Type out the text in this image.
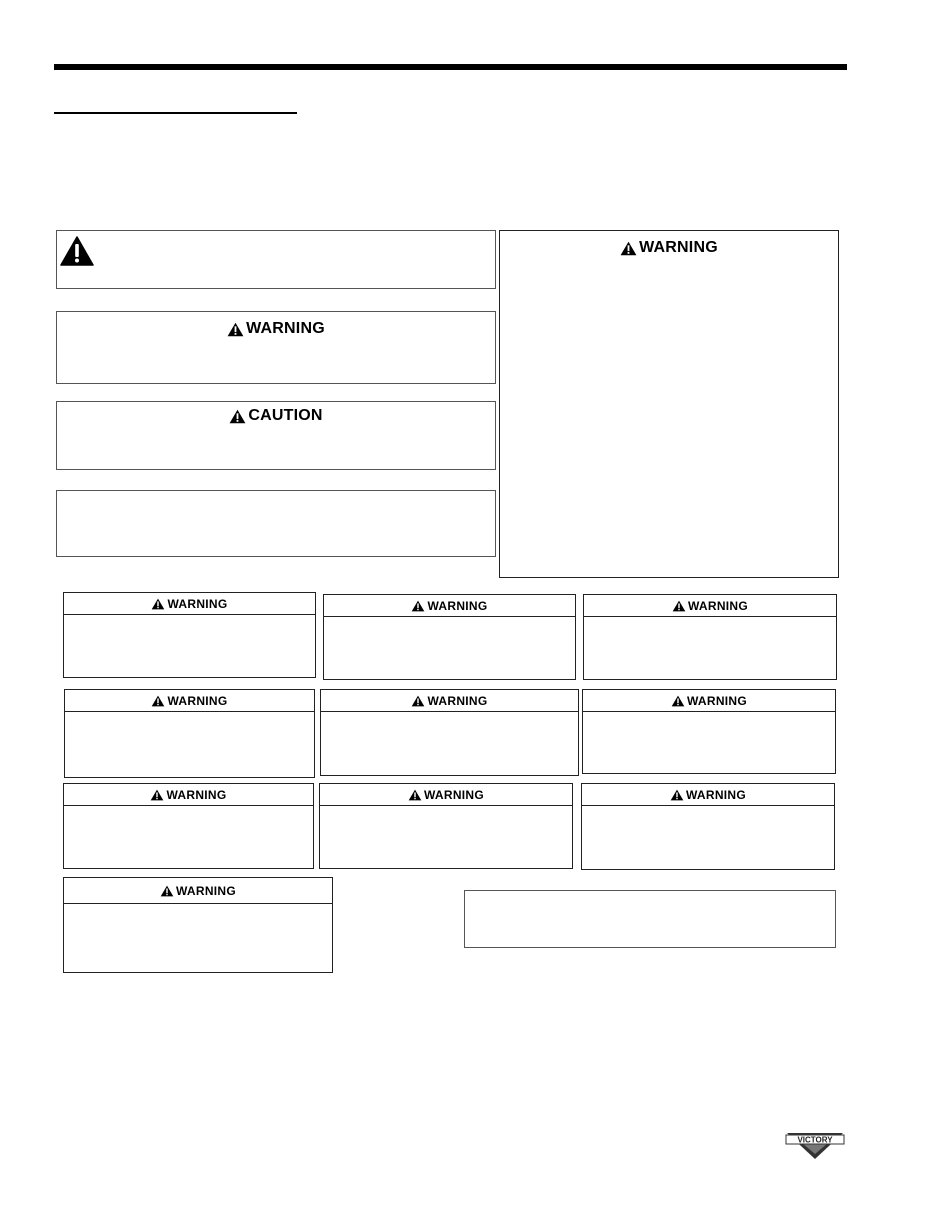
WARNING
CAUTION
WARNING
WARNING	WARNING	WARNING
WARNING	WARNING	WARNING
WARNING	WARNING	WARNING
WARNING
VICTORY
